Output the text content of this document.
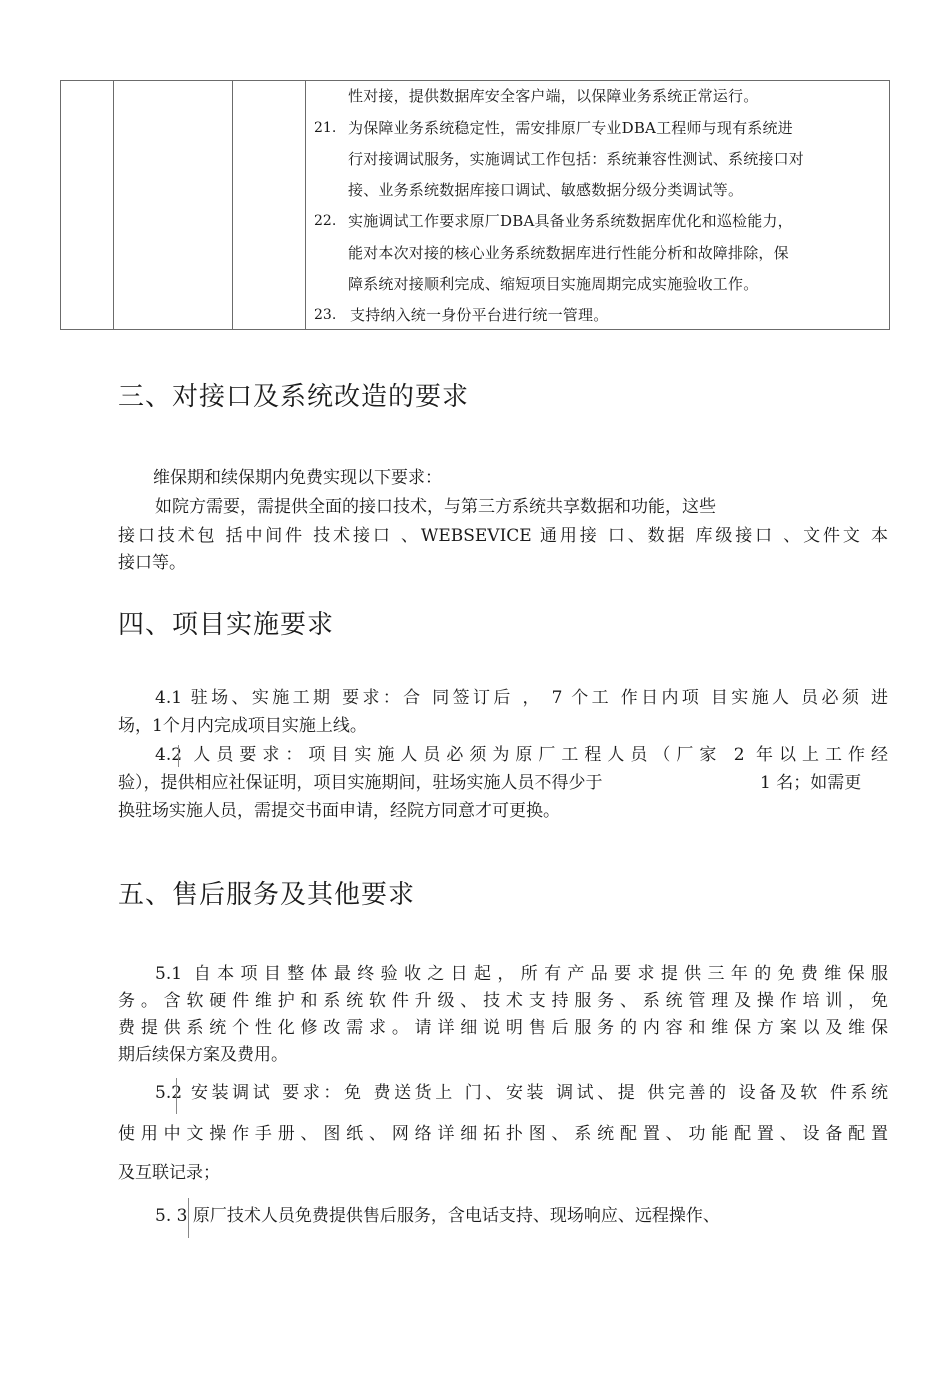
性对接，提供数据库安全客户端，以保障业务系统正常运行。
21. 为保障业务系统稳定性，需安排原厂专业DBA工程师与现有系统进
行对接调试服务，实施调试工作包括：系统兼容性测试、系统接口对
接、业务系统数据库接口调试、敏感数据分级分类调试等。
22. 实施调试工作要求原厂DBA具备业务系统数据库优化和巡检能力，
能对本次对接的核心业务系统数据库进行性能分析和故障排除，保
障系统对接顺利完成、缩短项目实施周期完成实施验收工作。
23. 支持纳入统一身份平台进行统一管理。
三、对接口及系统改造的要求
维保期和续保期内免费实现以下要求：
如院方需要，需提供全面的接口技术，与第三方系统共享数据和功能，这些
接口技术包 括中间件 技术接口 、WEBSEVICE 通用接 口、数据 库级接口 、文件文 本
接口等。
四、项目实施要求
4.1 驻场、实施工期 要求：合 同签订后 ， 7 个工 作日内项 目实施人 员必须 进
场，1个月内完成项目实施上线。
4.2 人员要求：项目实施人员必须为原厂工程人员（厂家 2 年以上工作经
验），提供相应社保证明，项目实施期间，驻场实施人员不得少于	1 名；如需更
换驻场实施人员，需提交书面申请，经院方同意才可更换。
五、售后服务及其他要求
5.1 自本项目整体最终验收之日起，所有产品要求提供三年的免费维保服
务。含软硬件维护和系统软件升级、技术支持服务、系统管理及操作培训，免
费提供系统个性化修改需求。请详细说明售后服务的内容和维保方案以及维保
期后续保方案及费用。
5.2 安装调试 要求：免 费送货上 门、安装 调试、提 供完善的 设备及软 件系统
使用中文操作手册、图纸、网络详细拓扑图、系统配置、功能配置、设备配置
及互联记录；
5. 3 原厂技术人员免费提供售后服务，含电话支持、现场响应、远程操作、
